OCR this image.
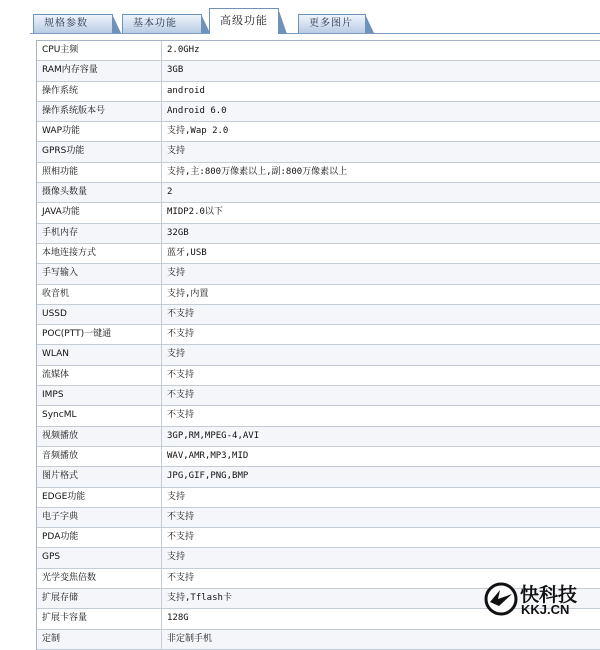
规格参数	基本功能	高级功能	更多图片
CPU主频	2.0GHz
RAM内存容量	3GB
操作系统	android
操作系统版本号	Android 6.0
WAP功能	支持,Wap 2.0
GPRS功能	支持
照相功能	支持,主:800万像素以上,副:800万像素以上
摄像头数量	2
JAVA功能	MIDP2.0以下
手机内存	32GB
本地连接方式	蓝牙,USB
手写输入	支持
收音机	支持,内置
USSD	不支持
POC(PTT)一键通	不支持
WLAN	支持
流媒体	不支持
IMPS	不支持
SyncML	不支持
视频播放	3GP,RM,MPEG-4,AVI
音频播放	WAV,AMR,MP3,MID
图片格式	JPG,GIF,PNG,BMP
EDGE功能	支持
电子字典	不支持
PDA功能	不支持
GPS	支持
光学变焦倍数	不支持
扩展存储	支持,Tflash卡
扩展卡容量	128G
定制	非定制手机
快科技
KKJ.CN
